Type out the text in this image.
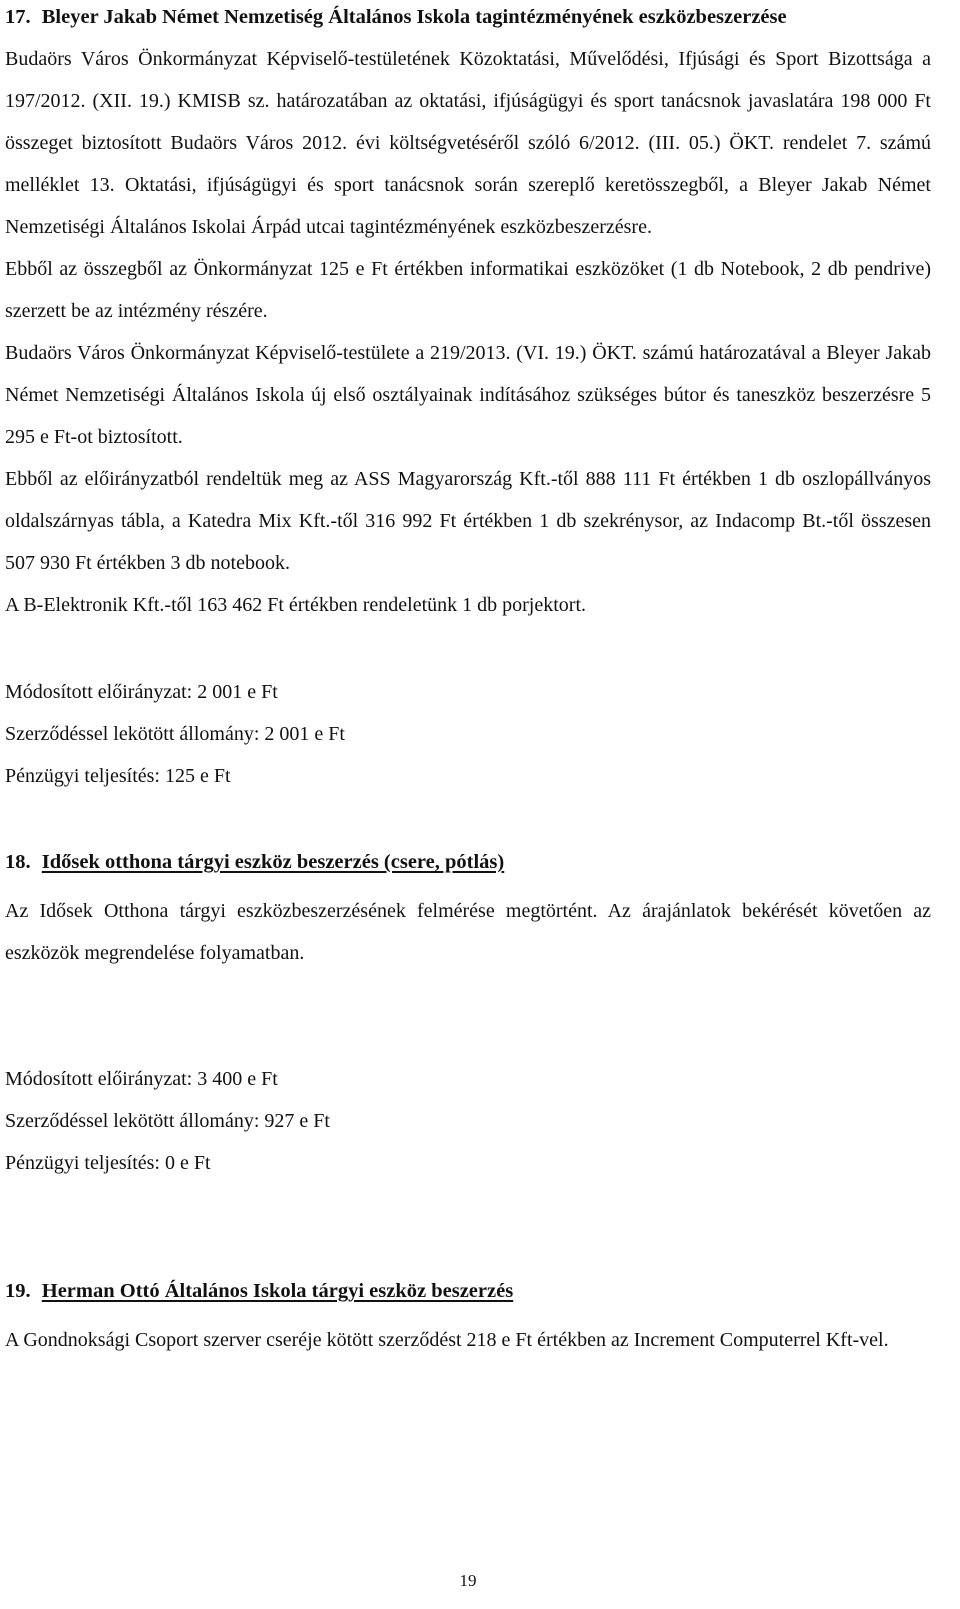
17. Bleyer Jakab Német Nemzetiség Általános Iskola tagintézményének eszközbeszerzése

Budaörs Város Önkormányzat Képviselő-testületének Közoktatási, Művelődési, Ifjúsági és Sport Bizottsága a 197/2012. (XII. 19.) KMISB sz. határozatában az oktatási, ifjúságügyi és sport tanácsnok javaslatára 198 000 Ft összeget biztosított Budaörs Város 2012. évi költségvetéséről szóló 6/2012. (III. 05.) ÖKT. rendelet 7. számú melléklet 13. Oktatási, ifjúságügyi és sport tanácsnok során szereplő keretösszegből, a Bleyer Jakab Német Nemzetiségi Általános Iskolai Árpád utcai tagintézményének eszközbeszerzésre.

Ebből az összegből az Önkormányzat 125 e Ft értékben informatikai eszközöket (1 db Notebook, 2 db pendrive) szerzett be az intézmény részére.

Budaörs Város Önkormányzat Képviselő-testülete a 219/2013. (VI. 19.) ÖKT. számú határozatával a Bleyer Jakab Német Nemzetiségi Általános Iskola új első osztályainak indításához szükséges bútor és taneszköz beszerzésre 5 295 e Ft-ot biztosított.

Ebből az előirányzatból rendeltük meg az ASS Magyarország Kft.-től 888 111 Ft értékben 1 db oszlopállványos oldalszárnyas tábla, a Katedra Mix Kft.-től 316 992 Ft értékben 1 db szekrénysor, az Indacomp Bt.-től összesen 507 930 Ft értékben 3 db notebook.

A B-Elektronik Kft.-től 163 462 Ft értékben rendeletünk 1 db porjektort.

Módosított előirányzat: 2 001 e Ft

Szerződéssel lekötött állomány: 2 001 e Ft

Pénzügyi teljesítés: 125 e Ft

18. Idősek otthona tárgyi eszköz beszerzés (csere, pótlás)

Az Idősek Otthona tárgyi eszközbeszerzésének felmérése megtörtént. Az árajánlatok bekérését követően az eszközök megrendelése folyamatban.

Módosított előirányzat: 3 400 e Ft

Szerződéssel lekötött állomány: 927 e Ft

Pénzügyi teljesítés: 0 e Ft

19. Herman Ottó Általános Iskola tárgyi eszköz beszerzés

A Gondnoksági Csoport szerver cseréje kötött szerződést 218 e Ft értékben az Increment Computerrel Kft-vel.

19
